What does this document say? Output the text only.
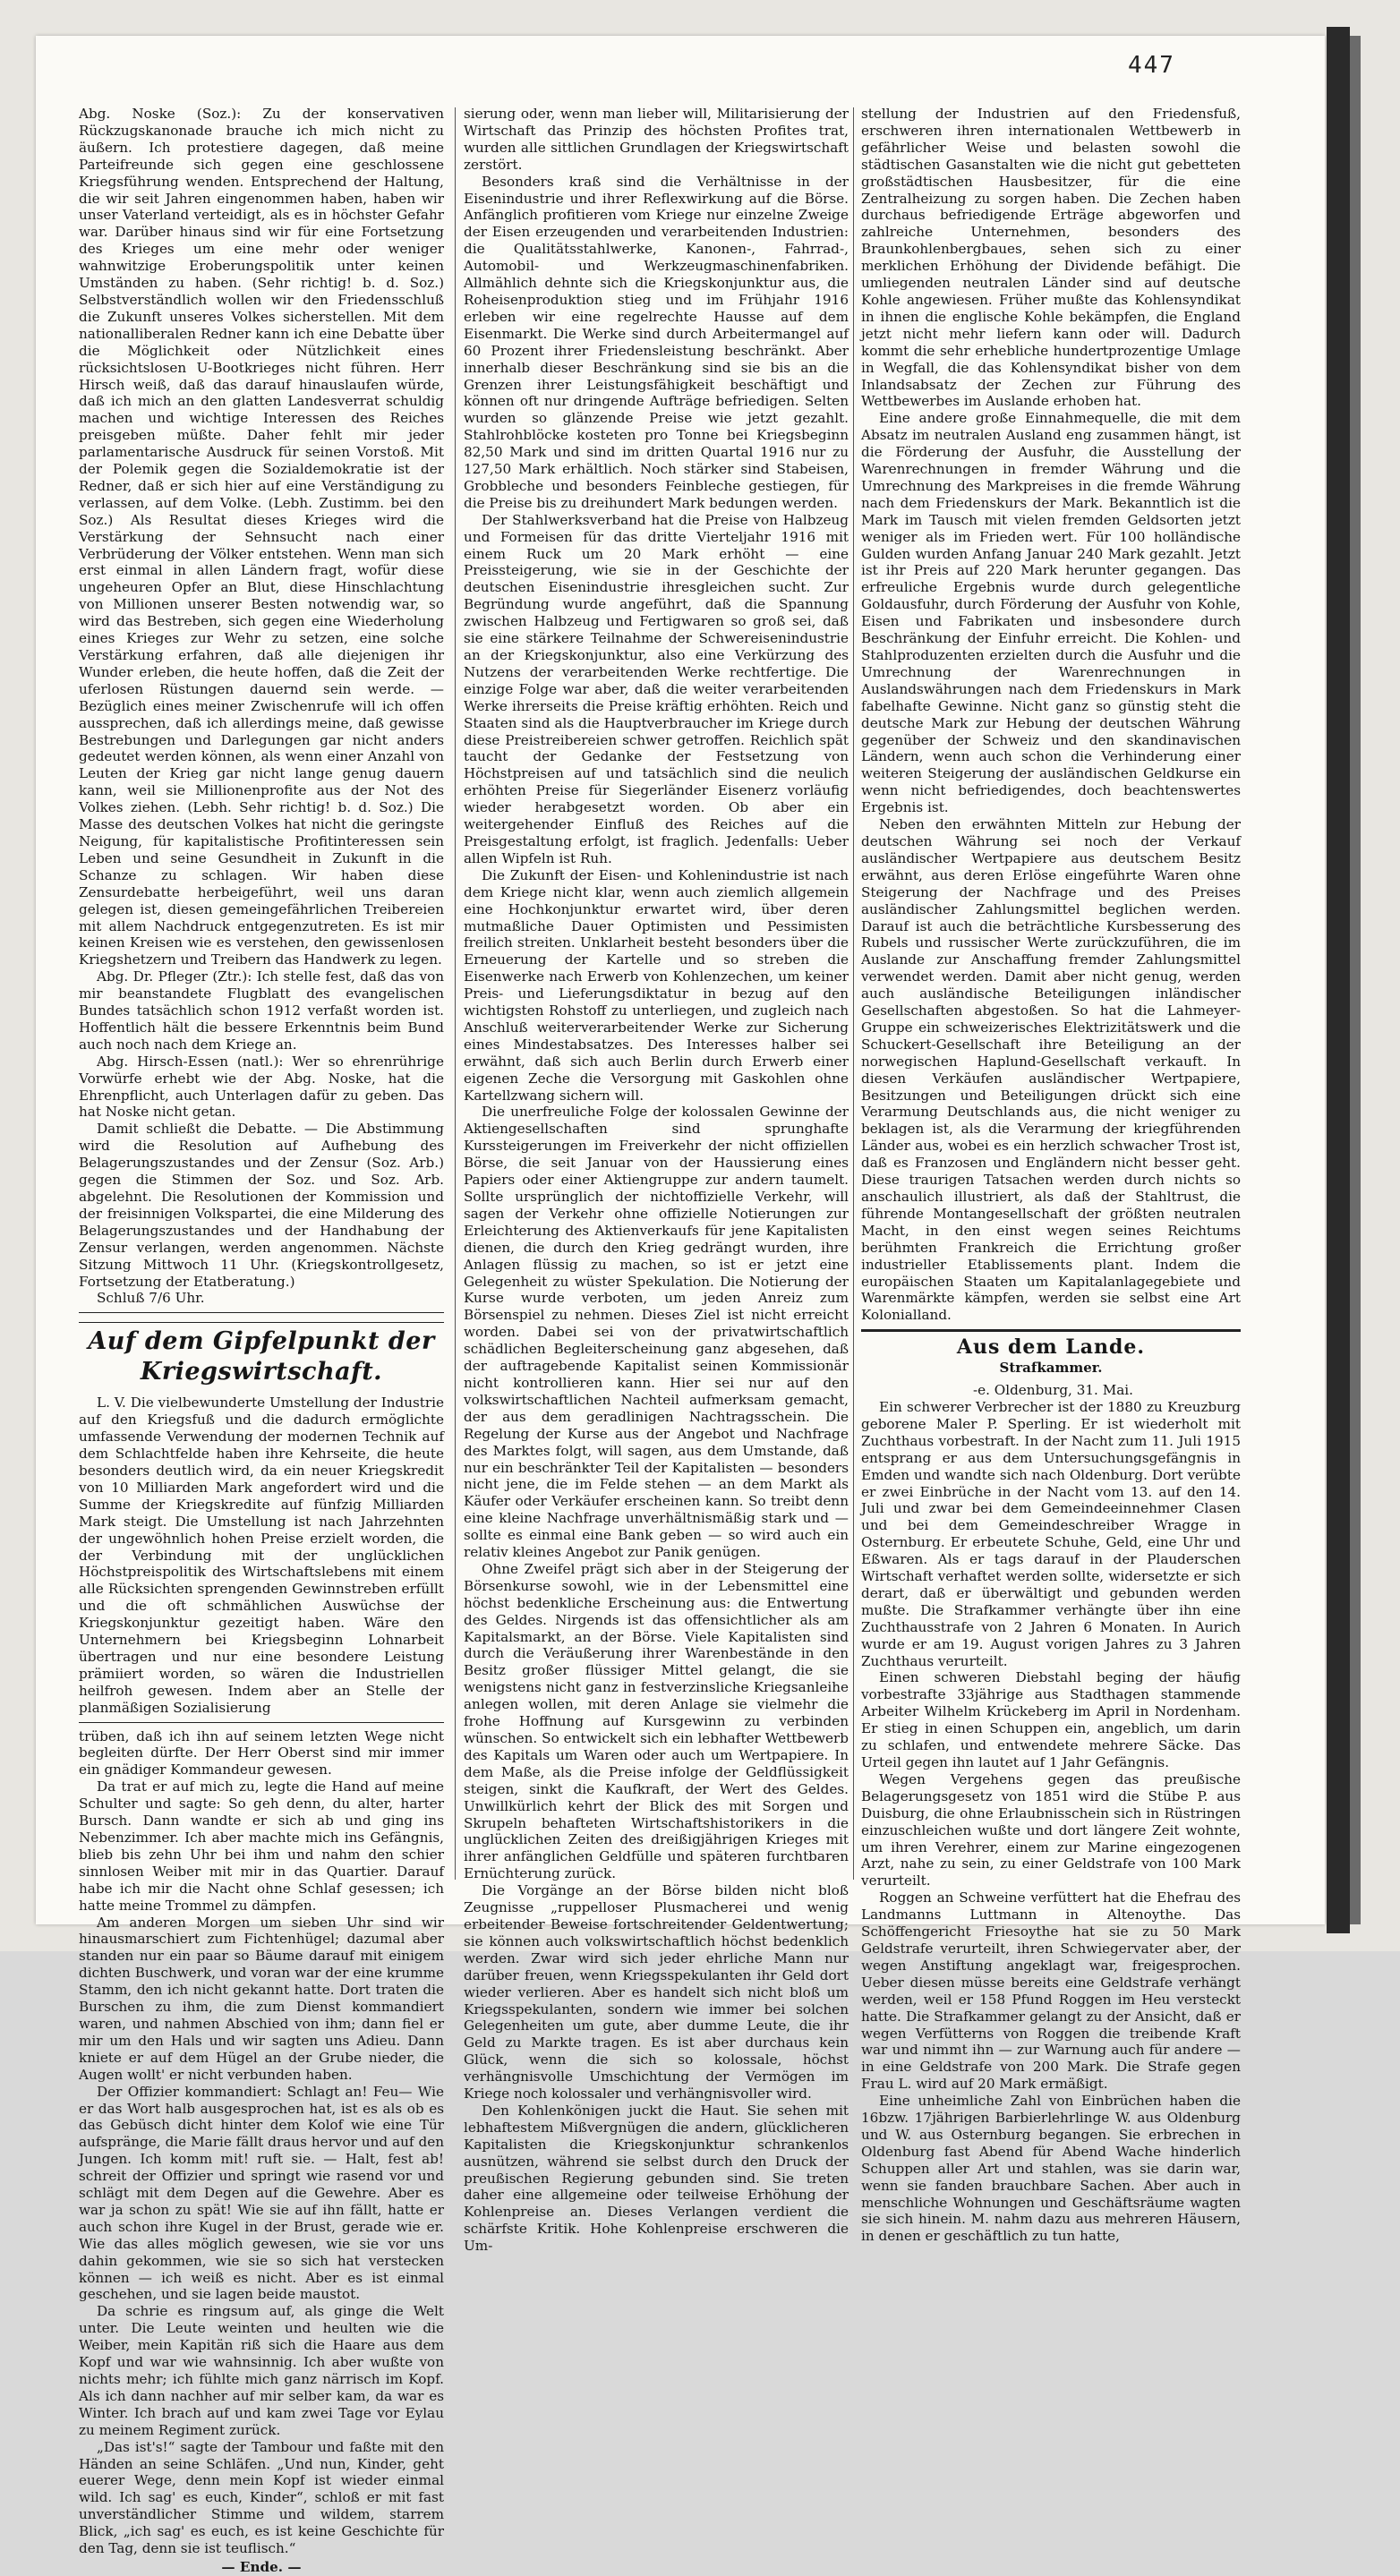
447

Abg. Noske (Soz.): Zu der konservativen Rückzugskanonade brauche ich mich nicht zu äußern. Ich protestiere dagegen, daß meine Parteifreunde sich gegen eine geschlossene Kriegsführung wenden. Entsprechend der Haltung, die wir seit Jahren eingenommen haben, haben wir unser Vaterland verteidigt, als es in höchster Gefahr war. Darüber hinaus sind wir für eine Fortsetzung des Krieges um eine mehr oder weniger wahnwitzige Eroberungspolitik unter keinen Umständen zu haben. (Sehr richtig! b. d. Soz.) Selbstverständlich wollen wir den Friedensschluß die Zukunft unseres Volkes sicherstellen. Mit dem nationalliberalen Redner kann ich eine Debatte über die Möglichkeit oder Nützlichkeit eines rücksichtslosen U-Bootkrieges nicht führen. Herr Hirsch weiß, daß das darauf hinauslaufen würde, daß ich mich an den glatten Landesverrat schuldig machen und wichtige Interessen des Reiches preisgeben müßte. Daher fehlt mir jeder parlamentarische Ausdruck für seinen Vorstoß. Mit der Polemik gegen die Sozialdemokratie ist der Redner, daß er sich hier auf eine Verständigung zu verlassen, auf dem Volke. (Lebh. Zustimm. bei den Soz.) Als Resultat dieses Krieges wird die Verstärkung der Sehnsucht nach einer Verbrüderung der Völker entstehen. Wenn man sich erst einmal in allen Ländern fragt, wofür diese ungeheuren Opfer an Blut, diese Hinschlachtung von Millionen unserer Besten notwendig war, so wird das Bestreben, sich gegen eine Wiederholung eines Krieges zur Wehr zu setzen, eine solche Verstärkung erfahren, daß alle diejenigen ihr Wunder erleben, die heute hoffen, daß die Zeit der uferlosen Rüstungen dauernd sein werde. — Bezüglich eines meiner Zwischenrufe will ich offen aussprechen, daß ich allerdings meine, daß gewisse Bestrebungen und Darlegungen gar nicht anders gedeutet werden können, als wenn einer Anzahl von Leuten der Krieg gar nicht lange genug dauern kann, weil sie Millionenprofite aus der Not des Volkes ziehen. (Lebh. Sehr richtig! b. d. Soz.) Die Masse des deutschen Volkes hat nicht die geringste Neigung, für kapitalistische Profitinteressen sein Leben und seine Gesundheit in Zukunft in die Schanze zu schlagen. Wir haben diese Zensurdebatte herbeigeführt, weil uns daran gelegen ist, diesen gemeingefährlichen Treibereien mit allem Nachdruck entgegenzutreten. Es ist mir keinen Kreisen wie es verstehen, den gewissenlosen Kriegshetzern und Treibern das Handwerk zu legen.

Abg. Dr. Pfleger (Ztr.): Ich stelle fest, daß das von mir beanstandete Flugblatt des evangelischen Bundes tatsächlich schon 1912 verfaßt worden ist. Hoffentlich hält die bessere Erkenntnis beim Bund auch noch nach dem Kriege an.

Abg. Hirsch-Essen (natl.): Wer so ehrenrührige Vorwürfe erhebt wie der Abg. Noske, hat die Ehrenpflicht, auch Unterlagen dafür zu geben. Das hat Noske nicht getan.

Damit schließt die Debatte. — Die Abstimmung wird die Resolution auf Aufhebung des Belagerungszustandes und der Zensur (Soz. Arb.) gegen die Stimmen der Soz. und Soz. Arb. abgelehnt. Die Resolutionen der Kommission und der freisinnigen Volkspartei, die eine Milderung des Belagerungszustandes und der Handhabung der Zensur verlangen, werden angenommen. Nächste Sitzung Mittwoch 11 Uhr. (Kriegskontrollgesetz, Fortsetzung der Etatberatung.)

Schluß 7/6 Uhr.

Auf dem Gipfelpunkt der Kriegswirtschaft.

L. V. Die vielbewunderte Umstellung der Industrie auf den Kriegsfuß und die dadurch ermöglichte umfassende Verwendung der modernen Technik auf dem Schlachtfelde haben ihre Kehrseite, die heute besonders deutlich wird, da ein neuer Kriegskredit von 10 Milliarden Mark angefordert wird und die Summe der Kriegskredite auf fünfzig Milliarden Mark steigt. Die Umstellung ist nach Jahrzehnten der ungewöhnlich hohen Preise erzielt worden, die der Verbindung mit der unglücklichen Höchstpreispolitik des Wirtschaftslebens mit einem alle Rücksichten sprengenden Gewinnstreben erfüllt und die oft schmählichen Auswüchse der Kriegskonjunktur gezeitigt haben. Wäre den Unternehmern bei Kriegsbeginn Lohnarbeit übertragen und nur eine besondere Leistung prämiiert worden, so wären die Industriellen heilfroh gewesen. Indem aber an Stelle der planmäßigen Sozialisierung

trüben, daß ich ihn auf seinem letzten Wege nicht begleiten dürfte. Der Herr Oberst sind mir immer ein gnädiger Kommandeur gewesen.

Da trat er auf mich zu, legte die Hand auf meine Schulter und sagte: So geh denn, du alter, harter Bursch. Dann wandte er sich ab und ging ins Nebenzimmer. Ich aber machte mich ins Gefängnis, blieb bis zehn Uhr bei ihm und nahm den schier sinnlosen Weiber mit mir in das Quartier. Darauf habe ich mir die Nacht ohne Schlaf gesessen; ich hatte meine Trommel zu dämpfen.

Am anderen Morgen um sieben Uhr sind wir hinausmarschiert zum Fichtenhügel; dazumal aber standen nur ein paar so Bäume darauf mit einigem dichten Buschwerk, und voran war der eine krumme Stamm, den ich nicht gekannt hatte. Dort traten die Burschen zu ihm, die zum Dienst kommandiert waren, und nahmen Abschied von ihm; dann fiel er mir um den Hals und wir sagten uns Adieu. Dann kniete er auf dem Hügel an der Grube nieder, die Augen wollt' er nicht verbunden haben.

Der Offizier kommandiert: Schlagt an! Feu— Wie er das Wort halb ausgesprochen hat, ist es als ob es das Gebüsch dicht hinter dem Kolof wie eine Tür aufspränge, die Marie fällt draus hervor und auf den Jungen. Ich komm mit! ruft sie. — Halt, fest ab! schreit der Offizier und springt wie rasend vor und schlägt mit dem Degen auf die Gewehre. Aber es war ja schon zu spät! Wie sie auf ihn fällt, hatte er auch schon ihre Kugel in der Brust, gerade wie er. Wie das alles möglich gewesen, wie sie vor uns dahin gekommen, wie sie so sich hat verstecken können — ich weiß es nicht. Aber es ist einmal geschehen, und sie lagen beide maustot.

Da schrie es ringsum auf, als ginge die Welt unter. Die Leute weinten und heulten wie die Weiber, mein Kapitän riß sich die Haare aus dem Kopf und war wie wahnsinnig. Ich aber wußte von nichts mehr; ich fühlte mich ganz närrisch im Kopf. Als ich dann nachher auf mir selber kam, da war es Winter. Ich brach auf und kam zwei Tage vor Eylau zu meinem Regiment zurück.

„Das ist's!“ sagte der Tambour und faßte mit den Händen an seine Schläfen. „Und nun, Kinder, geht euerer Wege, denn mein Kopf ist wieder einmal wild. Ich sag' es euch, Kinder“, schloß er mit fast unverständlicher Stimme und wildem, starrem Blick, „ich sag' es euch, es ist keine Geschichte für den Tag, denn sie ist teuflisch.“

— Ende. —

sierung oder, wenn man lieber will, Militarisierung der Wirtschaft das Prinzip des höchsten Profites trat, wurden alle sittlichen Grundlagen der Kriegswirtschaft zerstört.

Besonders kraß sind die Verhältnisse in der Eisenindustrie und ihrer Reflexwirkung auf die Börse. Anfänglich profitieren vom Kriege nur einzelne Zweige der Eisen erzeugenden und verarbeitenden Industrien: die Qualitätsstahlwerke, Kanonen-, Fahrrad-, Automobil- und Werkzeugmaschinenfabriken. Allmählich dehnte sich die Kriegskonjunktur aus, die Roheisenproduktion stieg und im Frühjahr 1916 erleben wir eine regelrechte Hausse auf dem Eisenmarkt. Die Werke sind durch Arbeitermangel auf 60 Prozent ihrer Friedensleistung beschränkt. Aber innerhalb dieser Beschränkung sind sie bis an die Grenzen ihrer Leistungsfähigkeit beschäftigt und können oft nur dringende Aufträge befriedigen. Selten wurden so glänzende Preise wie jetzt gezahlt. Stahlrohblöcke kosteten pro Tonne bei Kriegsbeginn 82,50 Mark und sind im dritten Quartal 1916 nur zu 127,50 Mark erhältlich. Noch stärker sind Stabeisen, Grobbleche und besonders Feinbleche gestiegen, für die Preise bis zu dreihundert Mark bedungen werden.

Der Stahlwerksverband hat die Preise von Halbzeug und Formeisen für das dritte Vierteljahr 1916 mit einem Ruck um 20 Mark erhöht — eine Preissteigerung, wie sie in der Geschichte der deutschen Eisenindustrie ihresgleichen sucht. Zur Begründung wurde angeführt, daß die Spannung zwischen Halbzeug und Fertigwaren so groß sei, daß sie eine stärkere Teilnahme der Schwereisenindustrie an der Kriegskonjunktur, also eine Verkürzung des Nutzens der verarbeitenden Werke rechtfertige. Die einzige Folge war aber, daß die weiter verarbeitenden Werke ihrerseits die Preise kräftig erhöhten. Reich und Staaten sind als die Hauptverbraucher im Kriege durch diese Preistreibereien schwer getroffen. Reichlich spät taucht der Gedanke der Festsetzung von Höchstpreisen auf und tatsächlich sind die neulich erhöhten Preise für Siegerländer Eisenerz vorläufig wieder herabgesetzt worden. Ob aber ein weitergehender Einfluß des Reiches auf die Preisgestaltung erfolgt, ist fraglich. Jedenfalls: Ueber allen Wipfeln ist Ruh.

Die Zukunft der Eisen- und Kohlenindustrie ist nach dem Kriege nicht klar, wenn auch ziemlich allgemein eine Hochkonjunktur erwartet wird, über deren mutmaßliche Dauer Optimisten und Pessimisten freilich streiten. Unklarheit besteht besonders über die Erneuerung der Kartelle und so streben die Eisenwerke nach Erwerb von Kohlenzechen, um keiner Preis- und Lieferungsdiktatur in bezug auf den wichtigsten Rohstoff zu unterliegen, und zugleich nach Anschluß weiterverarbeitender Werke zur Sicherung eines Mindestabsatzes. Des Interesses halber sei erwähnt, daß sich auch Berlin durch Erwerb einer eigenen Zeche die Versorgung mit Gaskohlen ohne Kartellzwang sichern will.

Die unerfreuliche Folge der kolossalen Gewinne der Aktiengesellschaften sind sprunghafte Kurssteigerungen im Freiverkehr der nicht offiziellen Börse, die seit Januar von der Haussierung eines Papiers oder einer Aktiengruppe zur andern taumelt. Sollte ursprünglich der nichtoffizielle Verkehr, will sagen der Verkehr ohne offizielle Notierungen zur Erleichterung des Aktienverkaufs für jene Kapitalisten dienen, die durch den Krieg gedrängt wurden, ihre Anlagen flüssig zu machen, so ist er jetzt eine Gelegenheit zu wüster Spekulation. Die Notierung der Kurse wurde verboten, um jeden Anreiz zum Börsenspiel zu nehmen. Dieses Ziel ist nicht erreicht worden. Dabei sei von der privatwirtschaftlich schädlichen Begleiterscheinung ganz abgesehen, daß der auftragebende Kapitalist seinen Kommissionär nicht kontrollieren kann. Hier sei nur auf den volkswirtschaftlichen Nachteil aufmerksam gemacht, der aus dem geradlinigen Nachtragsschein. Die Regelung der Kurse aus der Angebot und Nachfrage des Marktes folgt, will sagen, aus dem Umstande, daß nur ein beschränkter Teil der Kapitalisten — besonders nicht jene, die im Felde stehen — an dem Markt als Käufer oder Verkäufer erscheinen kann. So treibt denn eine kleine Nachfrage unverhältnismäßig stark und — sollte es einmal eine Bank geben — so wird auch ein relativ kleines Angebot zur Panik genügen.

Ohne Zweifel prägt sich aber in der Steigerung der Börsenkurse sowohl, wie in der Lebensmittel eine höchst bedenkliche Erscheinung aus: die Entwertung des Geldes. Nirgends ist das offensichtlicher als am Kapitalsmarkt, an der Börse. Viele Kapitalisten sind durch die Veräußerung ihrer Warenbestände in den Besitz großer flüssiger Mittel gelangt, die sie wenigstens nicht ganz in festverzinsliche Kriegsanleihe anlegen wollen, mit deren Anlage sie vielmehr die frohe Hoffnung auf Kursgewinn zu verbinden wünschen. So entwickelt sich ein lebhafter Wettbewerb des Kapitals um Waren oder auch um Wertpapiere. In dem Maße, als die Preise infolge der Geldflüssigkeit steigen, sinkt die Kaufkraft, der Wert des Geldes. Unwillkürlich kehrt der Blick des mit Sorgen und Skrupeln behafteten Wirtschaftshistorikers in die unglücklichen Zeiten des dreißigjährigen Krieges mit ihrer anfänglichen Geldfülle und späteren furchtbaren Ernüchterung zurück.

Die Vorgänge an der Börse bilden nicht bloß Zeugnisse „ruppelloser Plusmacherei und wenig erbeitender Beweise fortschreitender Geldentwertung; sie können auch volkswirtschaftlich höchst bedenklich werden. Zwar wird sich jeder ehrliche Mann nur darüber freuen, wenn Kriegsspekulanten ihr Geld dort wieder verlieren. Aber es handelt sich nicht bloß um Kriegsspekulanten, sondern wie immer bei solchen Gelegenheiten um gute, aber dumme Leute, die ihr Geld zu Markte tragen. Es ist aber durchaus kein Glück, wenn die sich so kolossale, höchst verhängnisvolle Umschichtung der Vermögen im Kriege noch kolossaler und verhängnisvoller wird.

Den Kohlenkönigen juckt die Haut. Sie sehen mit lebhaftestem Mißvergnügen die andern, glücklicheren Kapitalisten die Kriegskonjunktur schrankenlos ausnützen, während sie selbst durch den Druck der preußischen Regierung gebunden sind. Sie treten daher eine allgemeine oder teilweise Erhöhung der Kohlenpreise an. Dieses Verlangen verdient die schärfste Kritik. Hohe Kohlenpreise erschweren die Um-

stellung der Industrien auf den Friedensfuß, erschweren ihren internationalen Wettbewerb in gefährlicher Weise und belasten sowohl die städtischen Gasanstalten wie die nicht gut gebetteten großstädtischen Hausbesitzer, für die eine Zentralheizung zu sorgen haben. Die Zechen haben durchaus befriedigende Erträge abgeworfen und zahlreiche Unternehmen, besonders des Braunkohlenbergbaues, sehen sich zu einer merklichen Erhöhung der Dividende befähigt. Die umliegenden neutralen Länder sind auf deutsche Kohle angewiesen. Früher mußte das Kohlensyndikat in ihnen die englische Kohle bekämpfen, die England jetzt nicht mehr liefern kann oder will. Dadurch kommt die sehr erhebliche hundertprozentige Umlage in Wegfall, die das Kohlensyndikat bisher von dem Inlandsabsatz der Zechen zur Führung des Wettbewerbes im Auslande erhoben hat.

Eine andere große Einnahmequelle, die mit dem Absatz im neutralen Ausland eng zusammen hängt, ist die Förderung der Ausfuhr, die Ausstellung der Warenrechnungen in fremder Währung und die Umrechnung des Markpreises in die fremde Währung nach dem Friedenskurs der Mark. Bekanntlich ist die Mark im Tausch mit vielen fremden Geldsorten jetzt weniger als im Frieden wert. Für 100 holländische Gulden wurden Anfang Januar 240 Mark gezahlt. Jetzt ist ihr Preis auf 220 Mark herunter gegangen. Das erfreuliche Ergebnis wurde durch gelegentliche Goldausfuhr, durch Förderung der Ausfuhr von Kohle, Eisen und Fabrikaten und insbesondere durch Beschränkung der Einfuhr erreicht. Die Kohlen- und Stahlproduzenten erzielten durch die Ausfuhr und die Umrechnung der Warenrechnungen in Auslandswährungen nach dem Friedenskurs in Mark fabelhafte Gewinne. Nicht ganz so günstig steht die deutsche Mark zur Hebung der deutschen Währung gegenüber der Schweiz und den skandinavischen Ländern, wenn auch schon die Verhinderung einer weiteren Steigerung der ausländischen Geldkurse ein wenn nicht befriedigendes, doch beachtenswertes Ergebnis ist.

Neben den erwähnten Mitteln zur Hebung der deutschen Währung sei noch der Verkauf ausländischer Wertpapiere aus deutschem Besitz erwähnt, aus deren Erlöse eingeführte Waren ohne Steigerung der Nachfrage und des Preises ausländischer Zahlungsmittel beglichen werden. Darauf ist auch die beträchtliche Kursbesserung des Rubels und russischer Werte zurückzuführen, die im Auslande zur Anschaffung fremder Zahlungsmittel verwendet werden. Damit aber nicht genug, werden auch ausländische Beteiligungen inländischer Gesellschaften abgestoßen. So hat die Lahmeyer-Gruppe ein schweizerisches Elektrizitätswerk und die Schuckert-Gesellschaft ihre Beteiligung an der norwegischen Haplund-Gesellschaft verkauft. In diesen Verkäufen ausländischer Wertpapiere, Besitzungen und Beteiligungen drückt sich eine Verarmung Deutschlands aus, die nicht weniger zu beklagen ist, als die Verarmung der kriegführenden Länder aus, wobei es ein herzlich schwacher Trost ist, daß es Franzosen und Engländern nicht besser geht. Diese traurigen Tatsachen werden durch nichts so anschaulich illustriert, als daß der Stahltrust, die führende Montangesellschaft der größten neutralen Macht, in den einst wegen seines Reichtums berühmten Frankreich die Errichtung großer industrieller Etablissements plant. Indem die europäischen Staaten um Kapitalanlagegebiete und Warenmärkte kämpfen, werden sie selbst eine Art Kolonialland.

Aus dem Lande.
Strafkammer.
-e. Oldenburg, 31. Mai.

Ein schwerer Verbrecher ist der 1880 zu Kreuzburg geborene Maler P. Sperling. Er ist wiederholt mit Zuchthaus vorbestraft. In der Nacht zum 11. Juli 1915 entsprang er aus dem Untersuchungsgefängnis in Emden und wandte sich nach Oldenburg. Dort verübte er zwei Einbrüche in der Nacht vom 13. auf den 14. Juli und zwar bei dem Gemeindeeinnehmer Clasen und bei dem Gemeindeschreiber Wragge in Osternburg. Er erbeutete Schuhe, Geld, eine Uhr und Eßwaren. Als er tags darauf in der Plauderschen Wirtschaft verhaftet werden sollte, widersetzte er sich derart, daß er überwältigt und gebunden werden mußte. Die Strafkammer verhängte über ihn eine Zuchthausstrafe von 2 Jahren 6 Monaten. In Aurich wurde er am 19. August vorigen Jahres zu 3 Jahren Zuchthaus verurteilt.

Einen schweren Diebstahl beging der häufig vorbestrafte 33jährige aus Stadthagen stammende Arbeiter Wilhelm Krückeberg im April in Nordenham. Er stieg in einen Schuppen ein, angeblich, um darin zu schlafen, und entwendete mehrere Säcke. Das Urteil gegen ihn lautet auf 1 Jahr Gefängnis.

Wegen Vergehens gegen das preußische Belagerungsgesetz von 1851 wird die Stübe P. aus Duisburg, die ohne Erlaubnisschein sich in Rüstringen einzuschleichen wußte und dort längere Zeit wohnte, um ihren Verehrer, einem zur Marine eingezogenen Arzt, nahe zu sein, zu einer Geldstrafe von 100 Mark verurteilt.

Roggen an Schweine verfüttert hat die Ehefrau des Landmanns Luttmann in Altenoythe. Das Schöffengericht Friesoythe hat sie zu 50 Mark Geldstrafe verurteilt, ihren Schwiegervater aber, der wegen Anstiftung angeklagt war, freigesprochen. Ueber diesen müsse bereits eine Geldstrafe verhängt werden, weil er 158 Pfund Roggen im Heu versteckt hatte. Die Strafkammer gelangt zu der Ansicht, daß er wegen Verfütterns von Roggen die treibende Kraft war und nimmt ihn — zur Warnung auch für andere — in eine Geldstrafe von 200 Mark. Die Strafe gegen Frau L. wird auf 20 Mark ermäßigt.

Eine unheimliche Zahl von Einbrüchen haben die 16bzw. 17jährigen Barbierlehrlinge W. aus Oldenburg und W. aus Osternburg begangen. Sie erbrechen in Oldenburg fast Abend für Abend Wache hinderlich Schuppen aller Art und stahlen, was sie darin war, wenn sie fanden brauchbare Sachen. Aber auch in menschliche Wohnungen und Geschäftsräume wagten sie sich hinein. M. nahm dazu aus mehreren Häusern, in denen er geschäftlich zu tun hatte,
